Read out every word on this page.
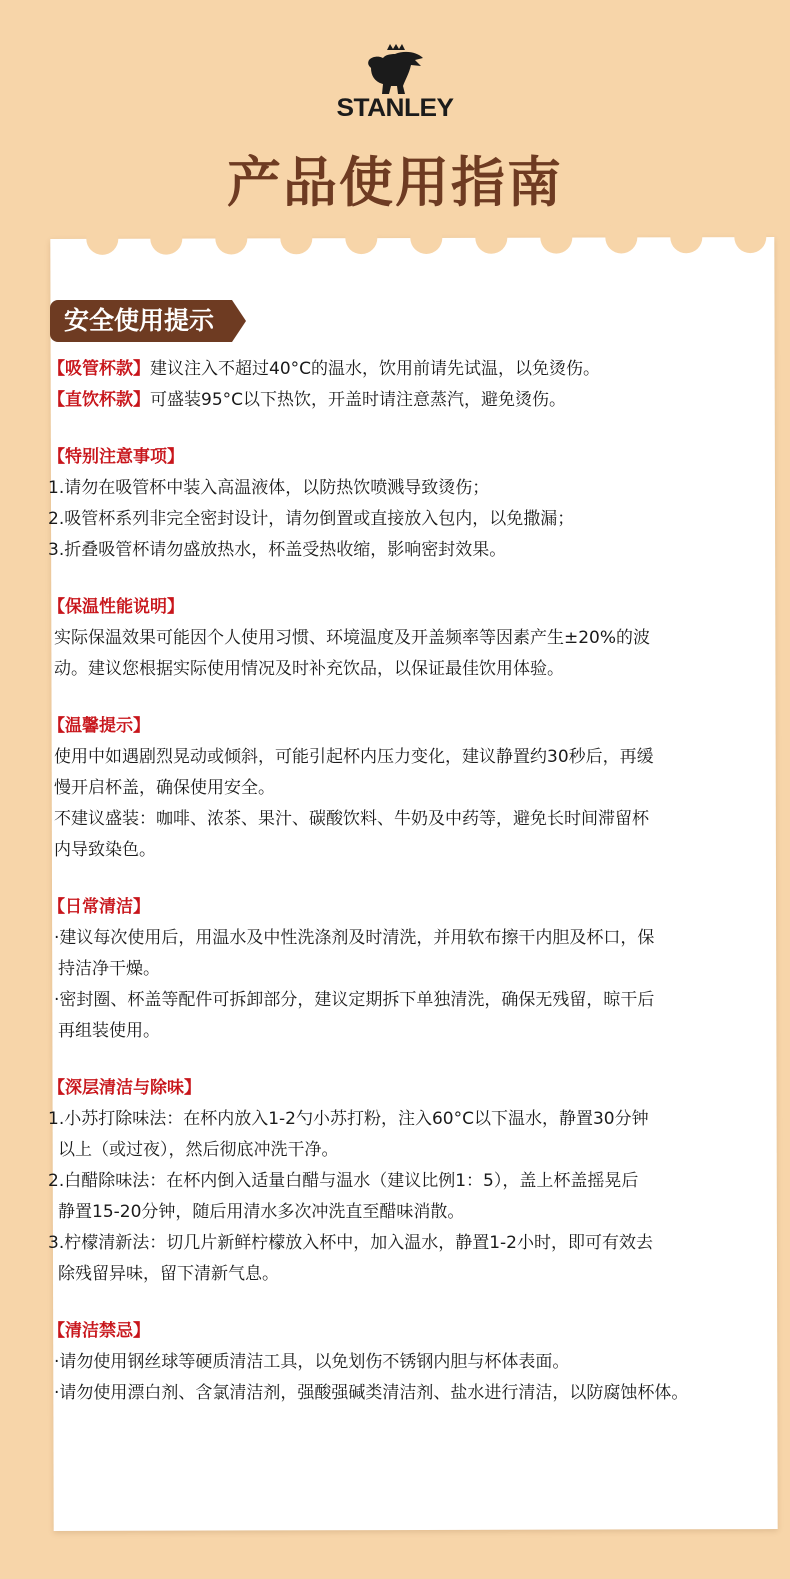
STANLEY
产品使用指南
安全使用提示
【吸管杯款】建议注入不超过40°C的温水，饮用前请先试温，以免烫伤。
【直饮杯款】可盛装95°C以下热饮，开盖时请注意蒸汽，避免烫伤。
【特别注意事项】
1.请勿在吸管杯中装入高温液体，以防热饮喷溅导致烫伤；
2.吸管杯系列非完全密封设计，请勿倒置或直接放入包内，以免撒漏；
3.折叠吸管杯请勿盛放热水，杯盖受热收缩，影响密封效果。
【保温性能说明】
实际保温效果可能因个人使用习惯、环境温度及开盖频率等因素产生±20%的波
动。建议您根据实际使用情况及时补充饮品，以保证最佳饮用体验。
【温馨提示】
使用中如遇剧烈晃动或倾斜，可能引起杯内压力变化，建议静置约30秒后，再缓
慢开启杯盖，确保使用安全。
不建议盛装：咖啡、浓茶、果汁、碳酸饮料、牛奶及中药等，避免长时间滞留杯
内导致染色。
【日常清洁】
·建议每次使用后，用温水及中性洗涤剂及时清洗，并用软布擦干内胆及杯口，保
持洁净干燥。
·密封圈、杯盖等配件可拆卸部分，建议定期拆下单独清洗，确保无残留，晾干后
再组装使用。
【深层清洁与除味】
1.小苏打除味法：在杯内放入1-2勺小苏打粉，注入60°C以下温水，静置30分钟
以上（或过夜），然后彻底冲洗干净。
2.白醋除味法：在杯内倒入适量白醋与温水（建议比例1：5），盖上杯盖摇晃后
静置15-20分钟，随后用清水多次冲洗直至醋味消散。
3.柠檬清新法：切几片新鲜柠檬放入杯中，加入温水，静置1-2小时，即可有效去
除残留异味，留下清新气息。
【清洁禁忌】
·请勿使用钢丝球等硬质清洁工具，以免划伤不锈钢内胆与杯体表面。
·请勿使用漂白剂、含氯清洁剂，强酸强碱类清洁剂、盐水进行清洁，以防腐蚀杯体。
